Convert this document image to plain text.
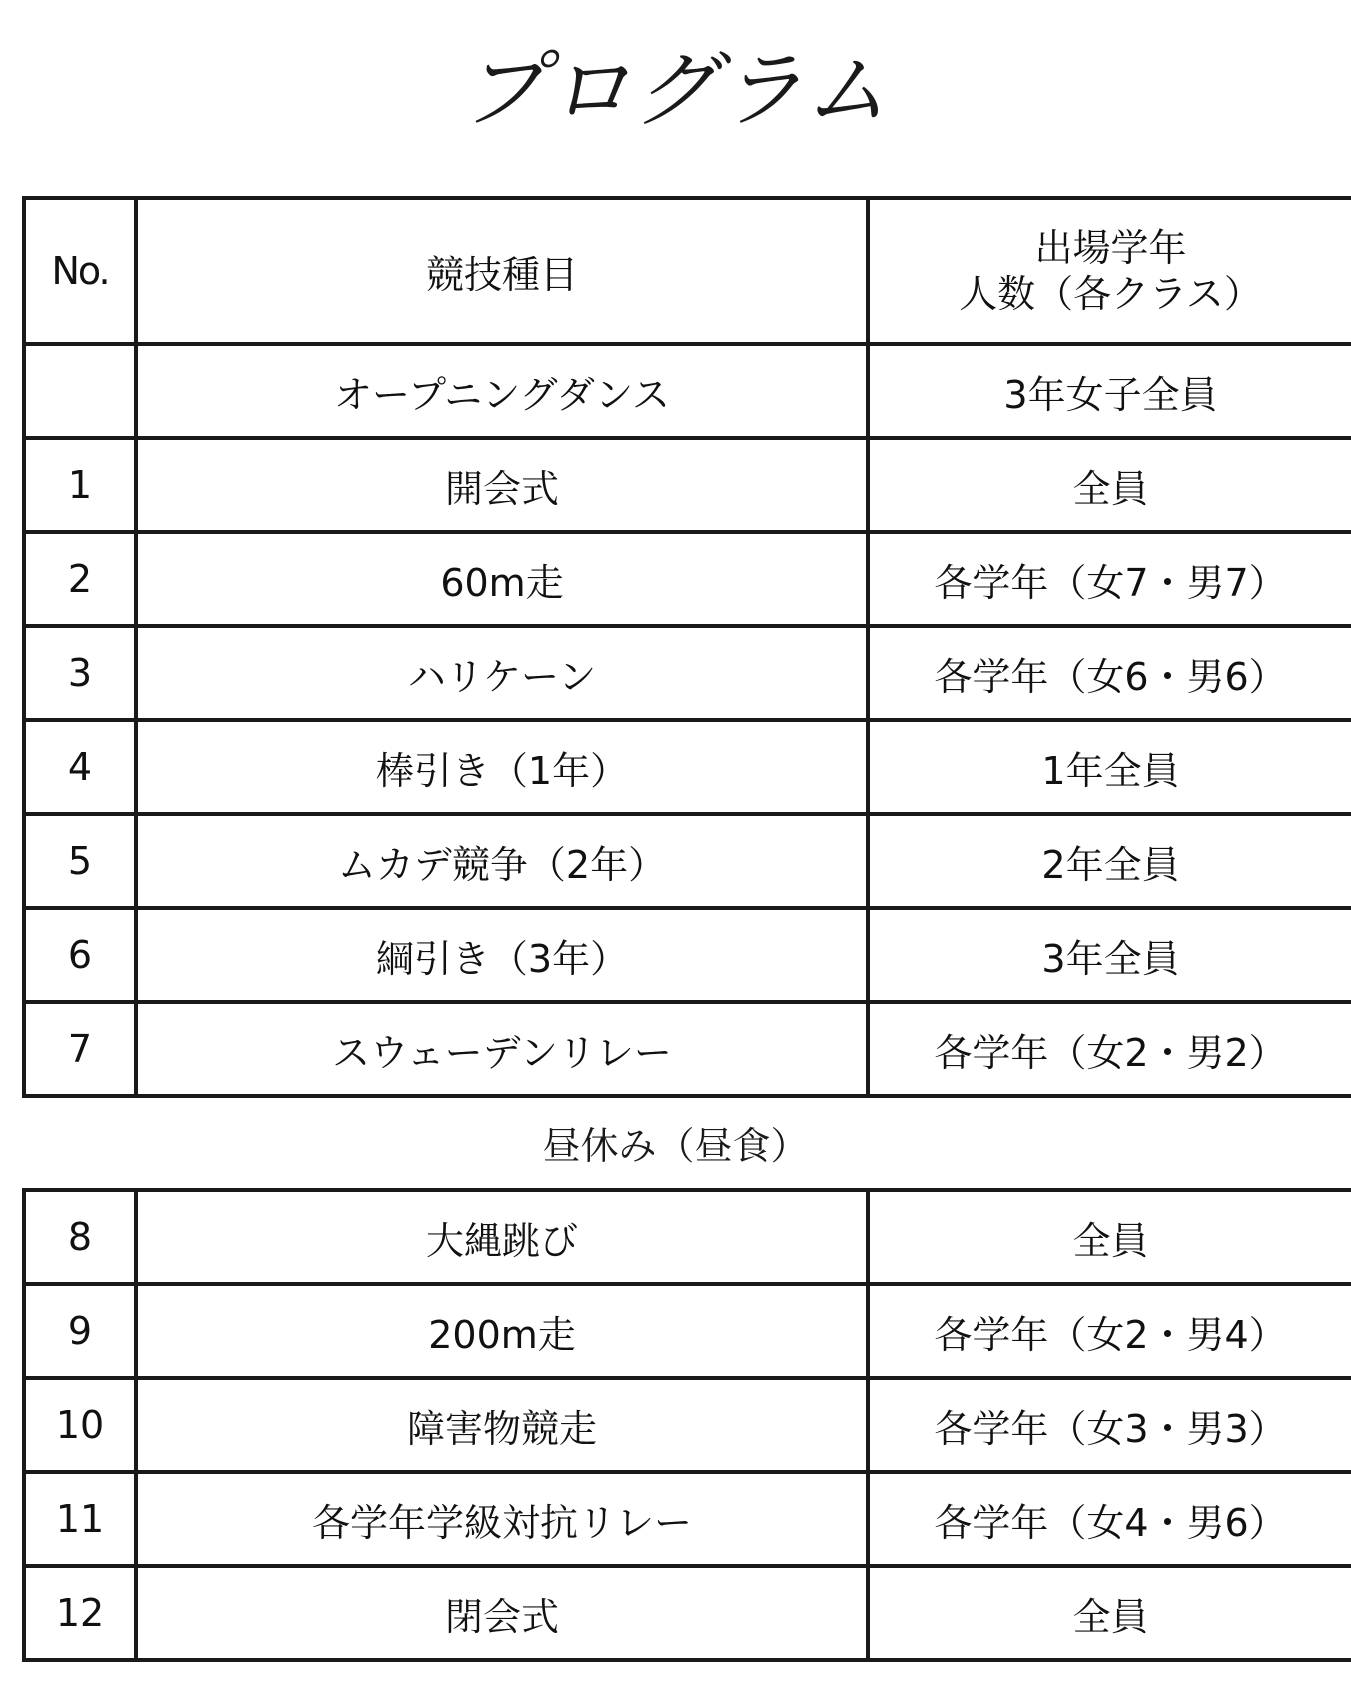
プログラム
No.	競技種目	出場学年
人数（各クラス）

	オープニングダンス	3年女子全員
1	開会式	全員
2	60m走	各学年（女7・男7）
3	ハリケーン	各学年（女6・男6）
4	棒引き（1年）	1年全員
5	ムカデ競争（2年）	2年全員
6	綱引き（3年）	3年全員
7	スウェーデンリレー	各学年（女2・男2）
昼休み（昼食）
8	大縄跳び	全員
9	200m走	各学年（女2・男4）
10	障害物競走	各学年（女3・男3）
11	各学年学級対抗リレー	各学年（女4・男6）
12	閉会式	全員
